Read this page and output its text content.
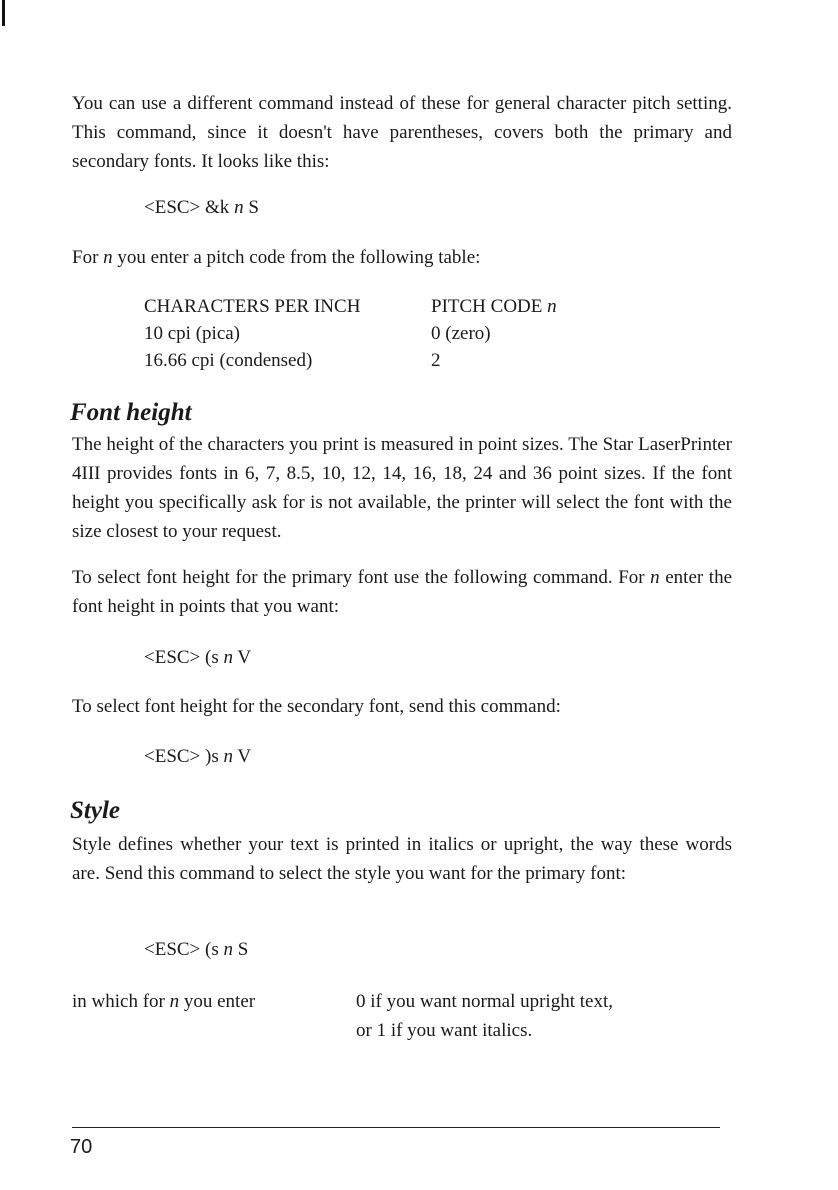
You can use a different command instead of these for general character pitch setting. This command, since it doesn't have parentheses, covers both the primary and secondary fonts. It looks like this:

<ESC> &k n S

For n you enter a pitch code from the following table:

CHARACTERS PER INCH	PITCH CODE n
10 cpi (pica)	0 (zero)
16.66 cpi (condensed)	2
Font height

The height of the characters you print is measured in point sizes. The Star LaserPrinter 4III provides fonts in 6, 7, 8.5, 10, 12, 14, 16, 18, 24 and 36 point sizes. If the font height you specifically ask for is not available, the printer will select the font with the size closest to your request.

To select font height for the primary font use the following command. For n enter the font height in points that you want:

<ESC> (s n V

To select font height for the secondary font, send this command:

<ESC> )s n V
Style

Style defines whether your text is printed in italics or upright, the way these words are. Send this command to select the style you want for the primary font:

<ESC> (s n S
in which for n you enter	0 if you want normal upright text,
or 1 if you want italics.
70
